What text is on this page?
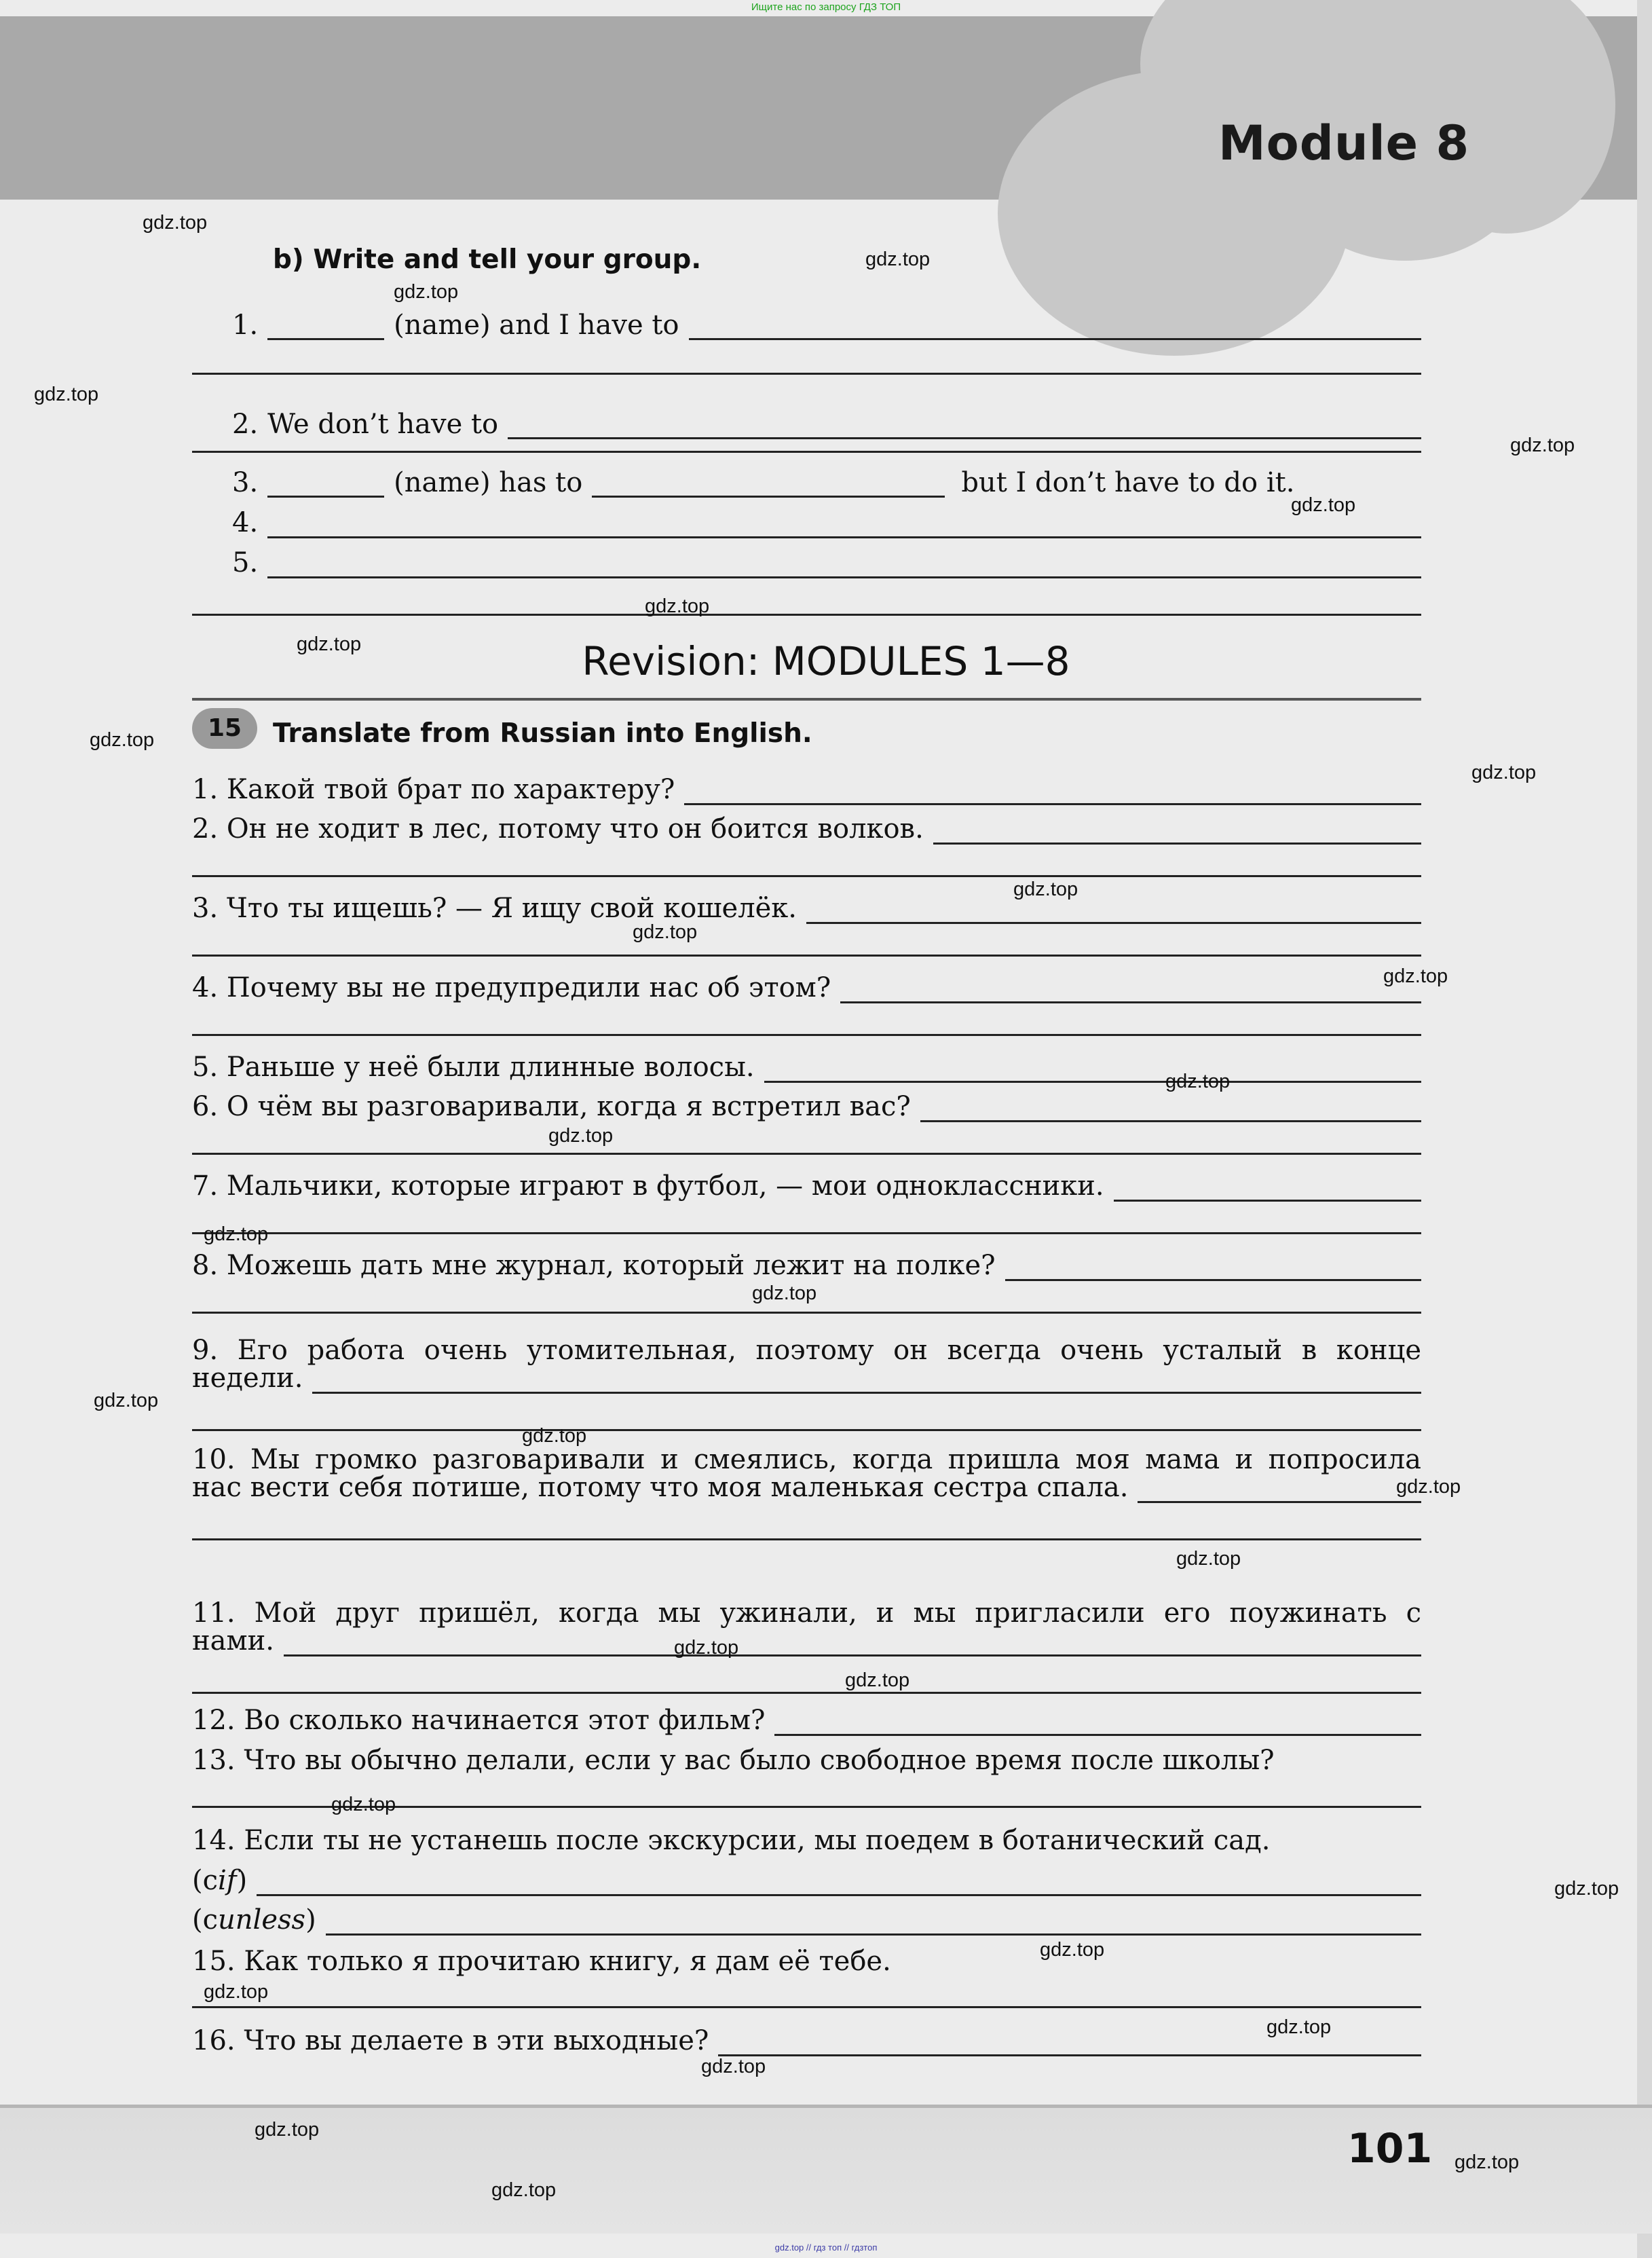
Ищите нас по запросу ГДЗ ТОП
Module 8
b) Write and tell your group.
1.	(name) and I have to
2. We don’t have to
3.	(name) has to	but I don’t have to do it.
4.
5.
Revision: MODULES 1—8
15	Translate from Russian into English.
1. Какой твой брат по характеру?
2. Он не ходит в лес, потому что он боится волков.
3. Что ты ищешь? — Я ищу свой кошелёк.
4. Почему вы не предупредили нас об этом?
5. Раньше у неё были длинные волосы.
6. О чём вы разговаривали, когда я встретил вас?
7. Мальчики, которые играют в футбол, — мои одноклассники.
8. Можешь дать мне журнал, который лежит на полке?
9. Его работа очень утомительная, поэтому он всегда очень усталый в конце
недели.
10. Мы громко разговаривали и смеялись, когда пришла моя мама и попросила
нас вести себя потише, потому что моя маленькая сестра спала.
11. Мой друг пришёл, когда мы ужинали, и мы пригласили его поужинать с
нами.
12. Во сколько начинается этот фильм?
13. Что вы обычно делали, если у вас было свободное время после школы?
14. Если ты не устанешь после экскурсии, мы поедем в ботанический сад.
(с if )
(с unless )
15. Как только я прочитаю книгу, я дам её тебе.
16. Что вы делаете в эти выходные?
101
gdz.top // гдз топ // гдзтоп
gdz.top
gdz.top
gdz.top
gdz.top
gdz.top
gdz.top
gdz.top
gdz.top
gdz.top
gdz.top
gdz.top
gdz.top
gdz.top
gdz.top
gdz.top
gdz.top
gdz.top
gdz.top
gdz.top
gdz.top
gdz.top
gdz.top
gdz.top
gdz.top
gdz.top
gdz.top
gdz.top
gdz.top
gdz.top
gdz.top
gdz.top
gdz.top
